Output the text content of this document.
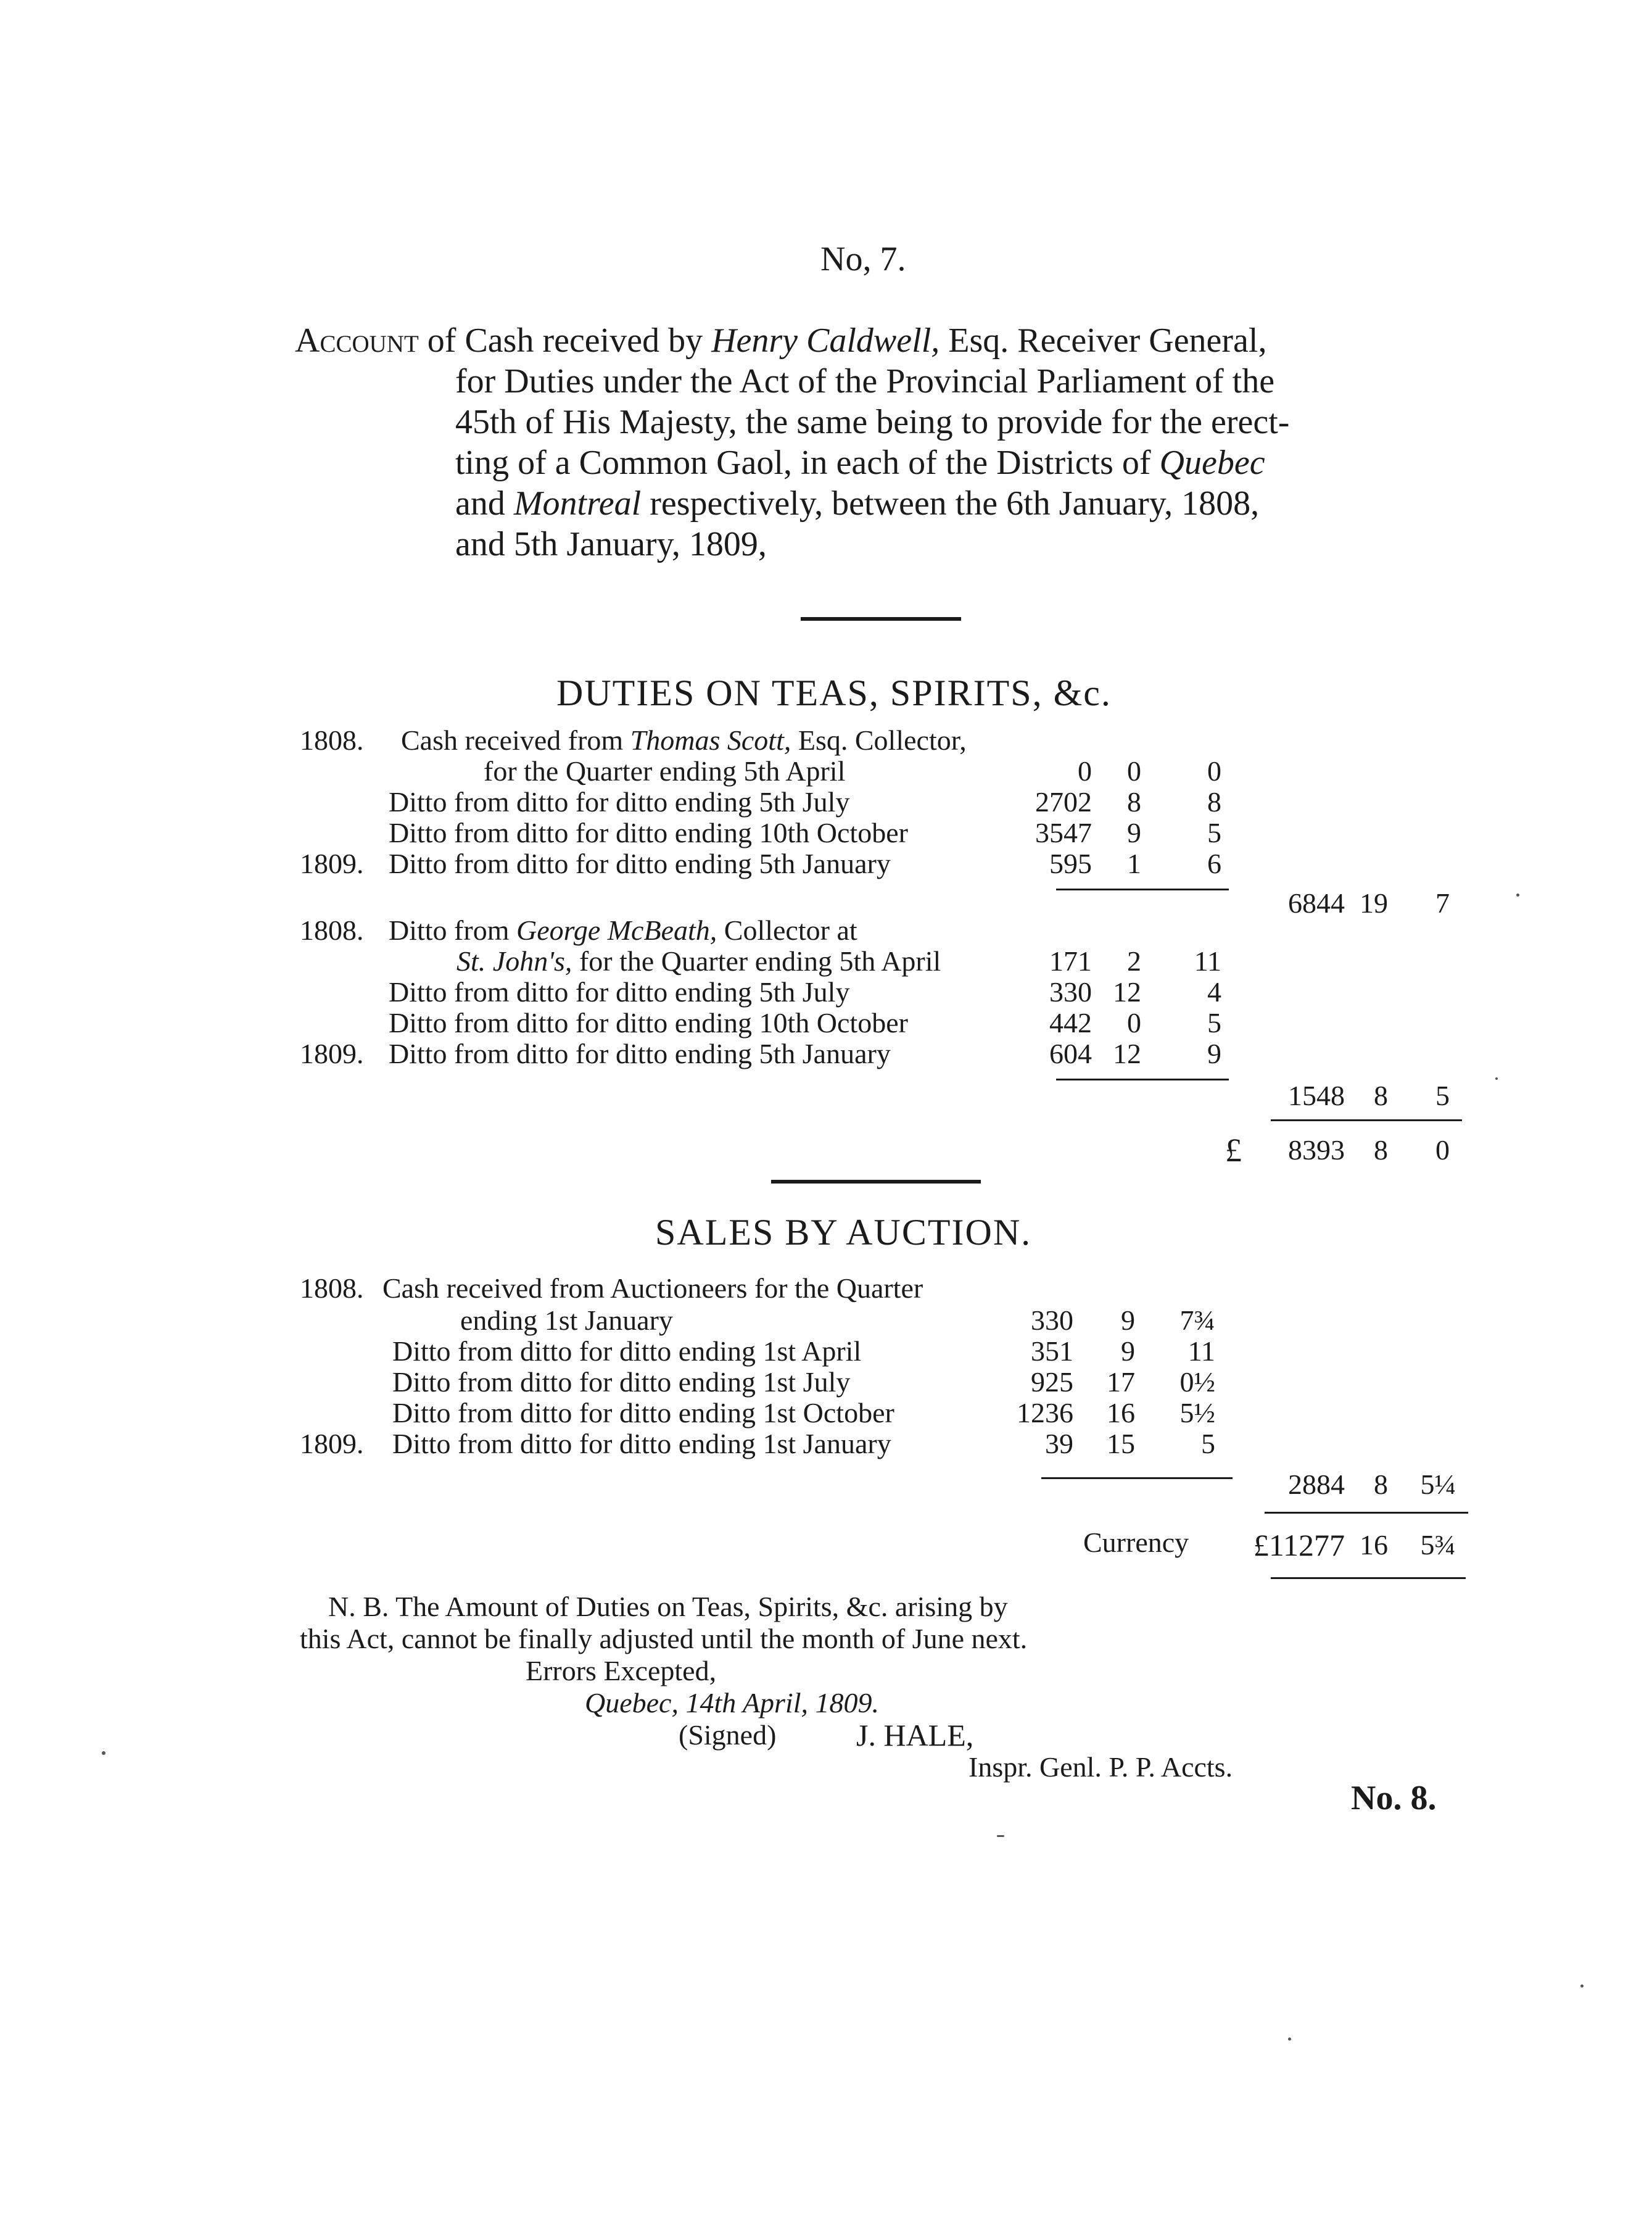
No, 7.
Account of Cash received by Henry Caldwell, Esq. Receiver General,
for Duties under the Act of the Provincial Parliament of the
45th of His Majesty, the same being to provide for the erect-
ting of a Common Gaol, in each of the Districts of Quebec
and Montreal respectively, between the 6th January, 1808,
and 5th January, 1809,
DUTIES ON TEAS, SPIRITS, &c.
1808. Cash received from Thomas Scott, Esq. Collector,
for the Quarter ending 5th April	0	0	0
Ditto from ditto for ditto ending 5th July	2702	8	8
Ditto from ditto for ditto ending 10th October	3547	9	5
1809. Ditto from ditto for ditto ending 5th January	595	1	6
6844 19	7
1808. Ditto from George McBeath, Collector at
St. John's, for the Quarter ending 5th April	171	2	11
Ditto from ditto for ditto ending 5th July	330 12	4
Ditto from ditto for ditto ending 10th October	442	0	5
1809. Ditto from ditto for ditto ending 5th January	604 12	9
1548	8	5
£	8393	8	0
SALES BY AUCTION.
1808. Cash received from Auctioneers for the Quarter
ending 1st January	330	9	7¾
Ditto from ditto for ditto ending 1st April	351	9	11
Ditto from ditto for ditto ending 1st July	925	17	0½
Ditto from ditto for ditto ending 1st October	1236	16	5½
1809. Ditto from ditto for ditto ending 1st January	39	15	5
2884	8	5¼
Currency	£11277 16	5¾
N. B. The Amount of Duties on Teas, Spirits, &c. arising by
this Act, cannot be finally adjusted until the month of June next.
Errors Excepted,
Quebec, 14th April, 1809.
(Signed)	J. HALE,
Inspr. Genl. P. P. Accts.
No. 8.
